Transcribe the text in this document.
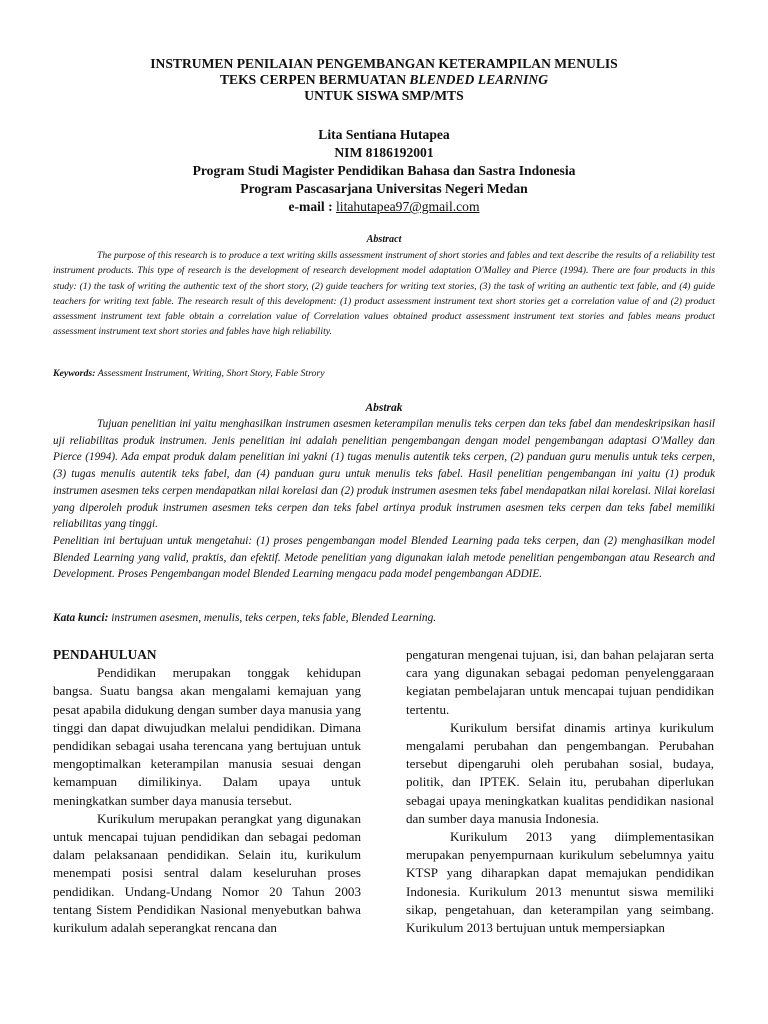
INSTRUMEN PENILAIAN PENGEMBANGAN KETERAMPILAN MENULIS
TEKS CERPEN BERMUATAN BLENDED LEARNING
UNTUK SISWA SMP/MTS
Lita Sentiana Hutapea
NIM 8186192001
Program Studi Magister Pendidikan Bahasa dan Sastra Indonesia
Program Pascasarjana Universitas Negeri Medan
e-mail : litahutapea97@gmail.com
Abstract

The purpose of this research is to produce a text writing skills assessment instrument of short stories and fables and text describe the results of a reliability test instrument products. This type of research is the development of research development model adaptation O'Malley and Pierce (1994). There are four products in this study: (1) the task of writing the authentic text of the short story, (2) guide teachers for writing text stories, (3) the task of writing an authentic text fable, and (4) guide teachers for writing text fable. The research result of this development: (1) product assessment instrument text short stories get a correlation value of and (2) product assessment instrument text fable obtain a correlation value of Correlation values obtained product assessment instrument text stories and fables means product assessment instrument text short stories and fables have high reliability.

Keywords: Assessment Instrument, Writing, Short Story, Fable Strory
Abstrak

Tujuan penelitian ini yaitu menghasilkan instrumen asesmen keterampilan menulis teks cerpen dan teks fabel dan mendeskripsikan hasil uji reliabilitas produk instrumen. Jenis penelitian ini adalah penelitian pengembangan dengan model pengembangan adaptasi O'Malley dan Pierce (1994). Ada empat produk dalam penelitian ini yakni (1) tugas menulis autentik teks cerpen, (2) panduan guru menulis untuk teks cerpen, (3) tugas menulis autentik teks fabel, dan (4) panduan guru untuk menulis teks fabel. Hasil penelitian pengembangan ini yaitu (1) produk instrumen asesmen teks cerpen mendapatkan nilai korelasi dan (2) produk instrumen asesmen teks fabel mendapatkan nilai korelasi. Nilai korelasi yang diperoleh produk instrumen asesmen teks cerpen dan teks fabel artinya produk instrumen asesmen teks cerpen dan teks fabel memiliki reliabilitas yang tinggi.

Penelitian ini bertujuan untuk mengetahui: (1) proses pengembangan model Blended Learning pada teks cerpen, dan (2) menghasilkan model Blended Learning yang valid, praktis, dan efektif. Metode penelitian yang digunakan ialah metode penelitian pengembangan atau Research and Development. Proses Pengembangan model Blended Learning mengacu pada model pengembangan ADDIE.

Kata kunci: instrumen asesmen, menulis, teks cerpen, teks fable, Blended Learning.
PENDAHULUAN

Pendidikan merupakan tonggak kehidupan bangsa. Suatu bangsa akan mengalami kemajuan yang pesat apabila didukung dengan sumber daya manusia yang tinggi dan dapat diwujudkan melalui pendidikan. Dimana pendidikan sebagai usaha terencana yang bertujuan untuk mengoptimalkan keterampilan manusia sesuai dengan kemampuan dimilikinya. Dalam upaya untuk meningkatkan sumber daya manusia tersebut.

Kurikulum merupakan perangkat yang digunakan untuk mencapai tujuan pendidikan dan sebagai pedoman dalam pelaksanaan pendidikan. Selain itu, kurikulum menempati posisi sentral dalam keseluruhan proses pendidikan. Undang-Undang Nomor 20 Tahun 2003 tentang Sistem Pendidikan Nasional menyebutkan bahwa kurikulum adalah seperangkat rencana dan

pengaturan mengenai tujuan, isi, dan bahan pelajaran serta cara yang digunakan sebagai pedoman penyelenggaraan kegiatan pembelajaran untuk mencapai tujuan pendidikan tertentu.

Kurikulum bersifat dinamis artinya kurikulum mengalami perubahan dan pengembangan. Perubahan tersebut dipengaruhi oleh perubahan sosial, budaya, politik, dan IPTEK. Selain itu, perubahan diperlukan sebagai upaya meningkatkan kualitas pendidikan nasional dan sumber daya manusia Indonesia.

Kurikulum 2013 yang diimplementasikan merupakan penyempurnaan kurikulum sebelumnya yaitu KTSP yang diharapkan dapat memajukan pendidikan Indonesia. Kurikulum 2013 menuntut siswa memiliki sikap, pengetahuan, dan keterampilan yang seimbang. Kurikulum 2013 bertujuan untuk mempersiapkan
